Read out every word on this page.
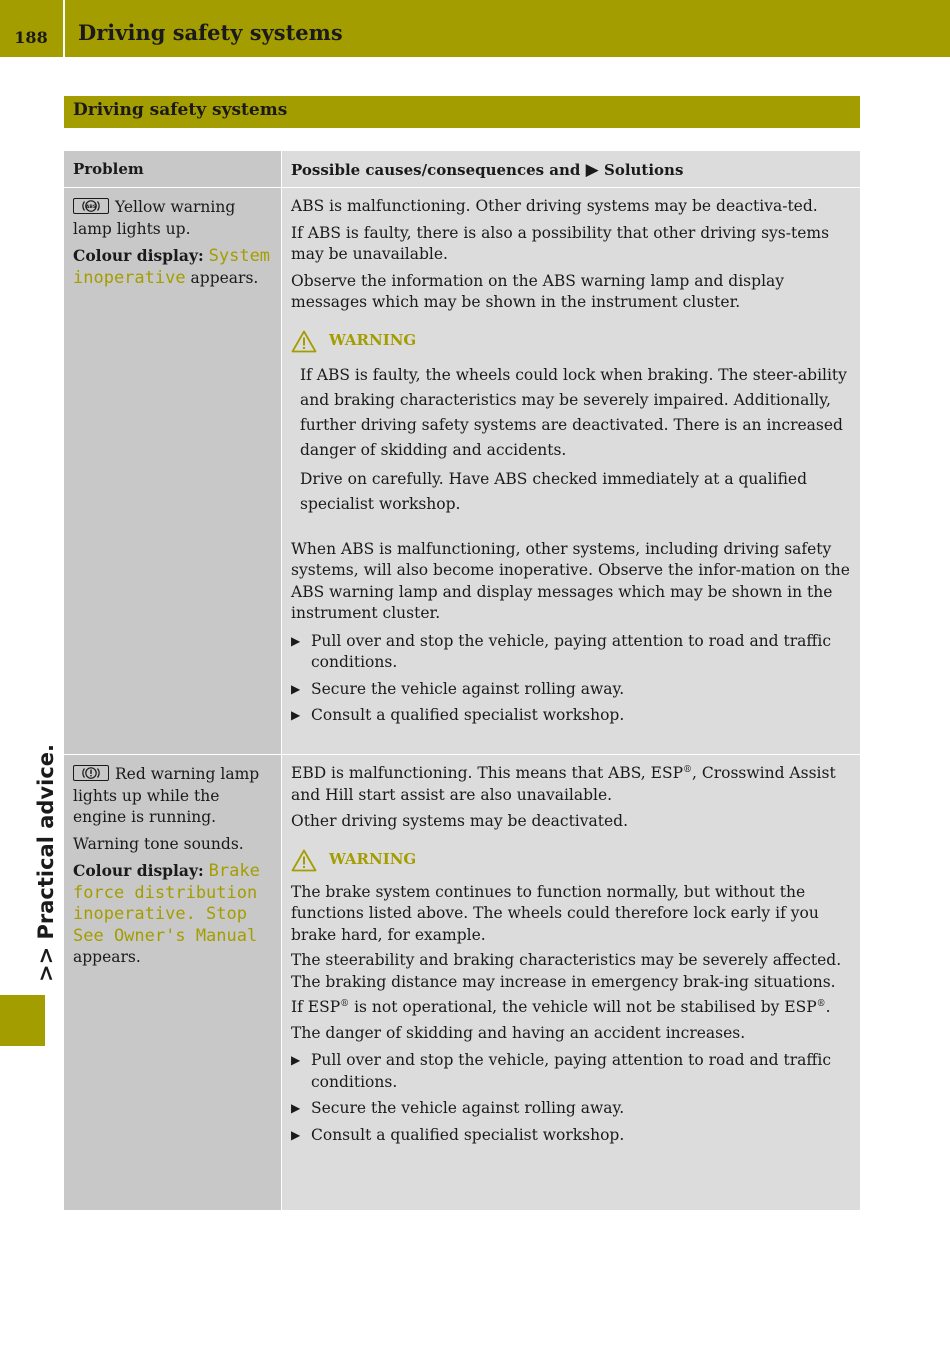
188	Driving safety systems
Driving safety systems
>> Practical advice.
Problem	Possible causes/consequences and ▶ Solutions

ABS Yellow warning lamp lights up.

Colour display: System inoperative appears.

ABS is malfunctioning. Other driving systems may be deactiva-ted.

If ABS is faulty, there is also a possibility that other driving sys-tems may be unavailable.

Observe the information on the ABS warning lamp and display messages which may be shown in the instrument cluster.

WARNING

If ABS is faulty, the wheels could lock when braking. The steer-ability and braking characteristics may be severely impaired. Additionally, further driving safety systems are deactivated. There is an increased danger of skidding and accidents.

Drive on carefully. Have ABS checked immediately at a qualified specialist workshop.

When ABS is malfunctioning, other systems, including driving safety systems, will also become inoperative. Observe the infor-mation on the ABS warning lamp and display messages which may be shown in the instrument cluster.

▶ Pull over and stop the vehicle, paying attention to road and traffic conditions.
▶ Secure the vehicle against rolling away.
▶ Consult a qualified specialist workshop.

Red warning lamp lights up while the engine is running.

Warning tone sounds.

Colour display: Brake force distribution inoperative. Stop See Owner's Manual appears.

EBD is malfunctioning. This means that ABS, ESP®, Crosswind Assist and Hill start assist are also unavailable.

Other driving systems may be deactivated.

WARNING

The brake system continues to function normally, but without the functions listed above. The wheels could therefore lock early if you brake hard, for example.

The steerability and braking characteristics may be severely affected. The braking distance may increase in emergency brak-ing situations.

If ESP® is not operational, the vehicle will not be stabilised by ESP®.

The danger of skidding and having an accident increases.

▶ Pull over and stop the vehicle, paying attention to road and traffic conditions.
▶ Secure the vehicle against rolling away.
▶ Consult a qualified specialist workshop.
